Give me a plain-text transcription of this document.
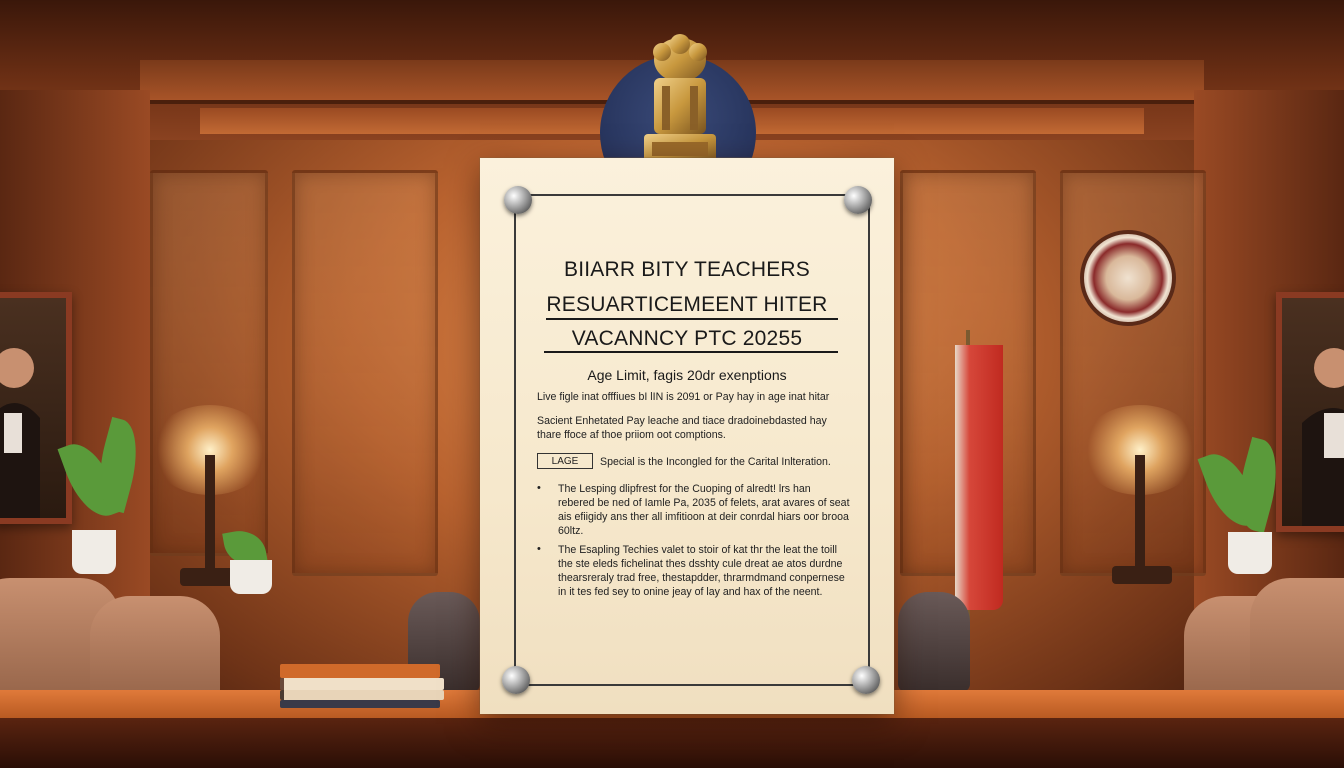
BIIARR BITY TEACHERS
RESUARTICEMEENT HITER
VACANNCY PTC 20255
Age Limit, fagis 20dr exenptions
Live figle inat offfiues bI lIN is 2091 or Pay hay in age inat hitar
Sacient Enhetated Pay leache and tiace dradoinebdasted hay thare ffoce af thoe priiom oot comptions.
LAGE	Special is the Incongled for the Carital Inlteration.
• The Lesping dlipfrest for the Cuoping of alredt! lrs han rebered be ned of Iamle Pa, 2035 of felets, arat avares of seat ais efiigidy ans ther all imfitioon at deir conrdal hiars oor brooa 60ltz.
• The Esapling Techies valet to stoir of kat thr the leat the toill the ste eleds fichelinat thes dsshty cule dreat ae atos durdne thearsreraly trad free, thestapdder, thrarmdmand conpernese in it tes fed sey to onine jeay of lay and hax of the neent.
